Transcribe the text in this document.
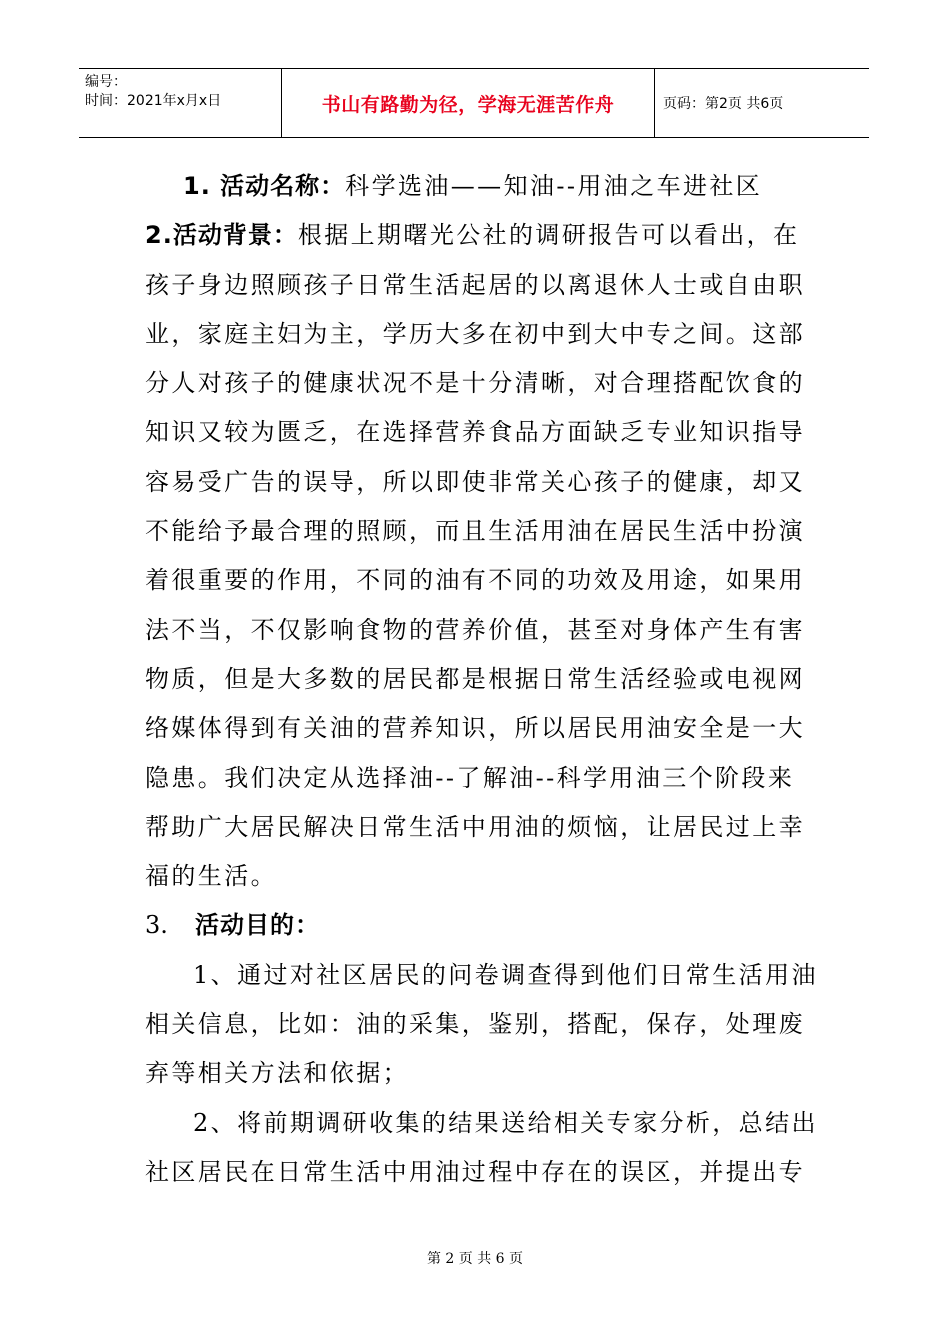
编号：
时间：2021年x月x日	书山有路勤为径，学海无涯苦作舟	页码：第2页 共6页
1. 活动名称：科学选油——知油--用油之车进社区
2.活动背景：根据上期曙光公社的调研报告可以看出，在
孩子身边照顾孩子日常生活起居的以离退休人士或自由职
业，家庭主妇为主，学历大多在初中到大中专之间。这部
分人对孩子的健康状况不是十分清晰，对合理搭配饮食的
知识又较为匮乏，在选择营养食品方面缺乏专业知识指导
容易受广告的误导，所以即使非常关心孩子的健康，却又
不能给予最合理的照顾，而且生活用油在居民生活中扮演
着很重要的作用，不同的油有不同的功效及用途，如果用
法不当，不仅影响食物的营养价值，甚至对身体产生有害
物质，但是大多数的居民都是根据日常生活经验或电视网
络媒体得到有关油的营养知识，所以居民用油安全是一大
隐患。我们决定从选择油--了解油--科学用油三个阶段来
帮助广大居民解决日常生活中用油的烦恼，让居民过上幸
福的生活。
3. 活动目的：
1、通过对社区居民的问卷调查得到他们日常生活用油
相关信息，比如：油的采集，鉴别，搭配，保存，处理废
弃等相关方法和依据；
2、将前期调研收集的结果送给相关专家分析，总结出
社区居民在日常生活中用油过程中存在的误区，并提出专
第 2 页 共 6 页
